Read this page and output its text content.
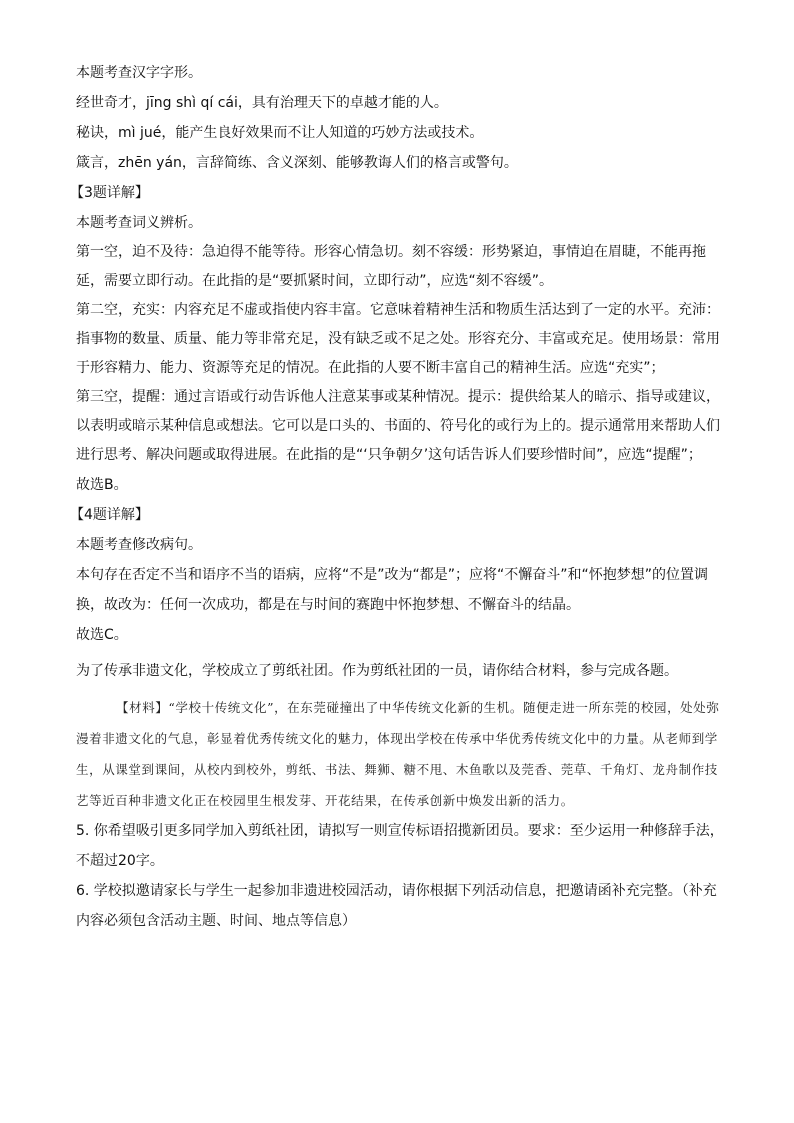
本题考查汉字字形。

经世奇才，jīng shì qí cái，具有治理天下的卓越才能的人。

秘诀，mì jué，能产生良好效果而不让人知道的巧妙方法或技术。

箴言，zhēn yán，言辞简练、含义深刻、能够教诲人们的格言或警句。

【3题详解】

本题考查词义辨析。

第一空，迫不及待：急迫得不能等待。形容心情急切。刻不容缓：形势紧迫，事情迫在眉睫，不能再拖延，需要立即行动。在此指的是“要抓紧时间，立即行动”，应选“刻不容缓”。

第二空，充实：内容充足不虚或指使内容丰富。它意味着精神生活和物质生活达到了一定的水平。充沛：指事物的数量、质量、能力等非常充足，没有缺乏或不足之处。形容充分、丰富或充足。使用场景：常用于形容精力、能力、资源等充足的情况。在此指的人要不断丰富自己的精神生活。应选“充实”；

第三空，提醒：通过言语或行动告诉他人注意某事或某种情况。提示：提供给某人的暗示、指导或建议，以表明或暗示某种信息或想法。它可以是口头的、书面的、符号化的或行为上的。提示通常用来帮助人们进行思考、解决问题或取得进展。在此指的是“‘只争朝夕’这句话告诉人们要珍惜时间”，应选“提醒”；

故选B。

【4题详解】

本题考查修改病句。

本句存在否定不当和语序不当的语病，应将“不是”改为“都是”；应将“不懈奋斗”和“怀抱梦想”的位置调换，故改为：任何一次成功，都是在与时间的赛跑中怀抱梦想、不懈奋斗的结晶。

故选C。

为了传承非遗文化，学校成立了剪纸社团。作为剪纸社团的一员，请你结合材料，参与完成各题。

【材料】“学校十传统文化”，在东莞碰撞出了中华传统文化新的生机。随便走进一所东莞的校园，处处弥漫着非遗文化的气息，彰显着优秀传统文化的魅力，体现出学校在传承中华优秀传统文化中的力量。从老师到学生，从课堂到课间，从校内到校外，剪纸、书法、舞狮、糖不甩、木鱼歌以及莞香、莞草、千角灯、龙舟制作技艺等近百种非遗文化正在校园里生根发芽、开花结果，在传承创新中焕发出新的活力。

5. 你希望吸引更多同学加入剪纸社团，请拟写一则宣传标语招揽新团员。要求：至少运用一种修辞手法，不超过20字。

6. 学校拟邀请家长与学生一起参加非遗进校园活动，请你根据下列活动信息，把邀请函补充完整。（补充内容必须包含活动主题、时间、地点等信息）
